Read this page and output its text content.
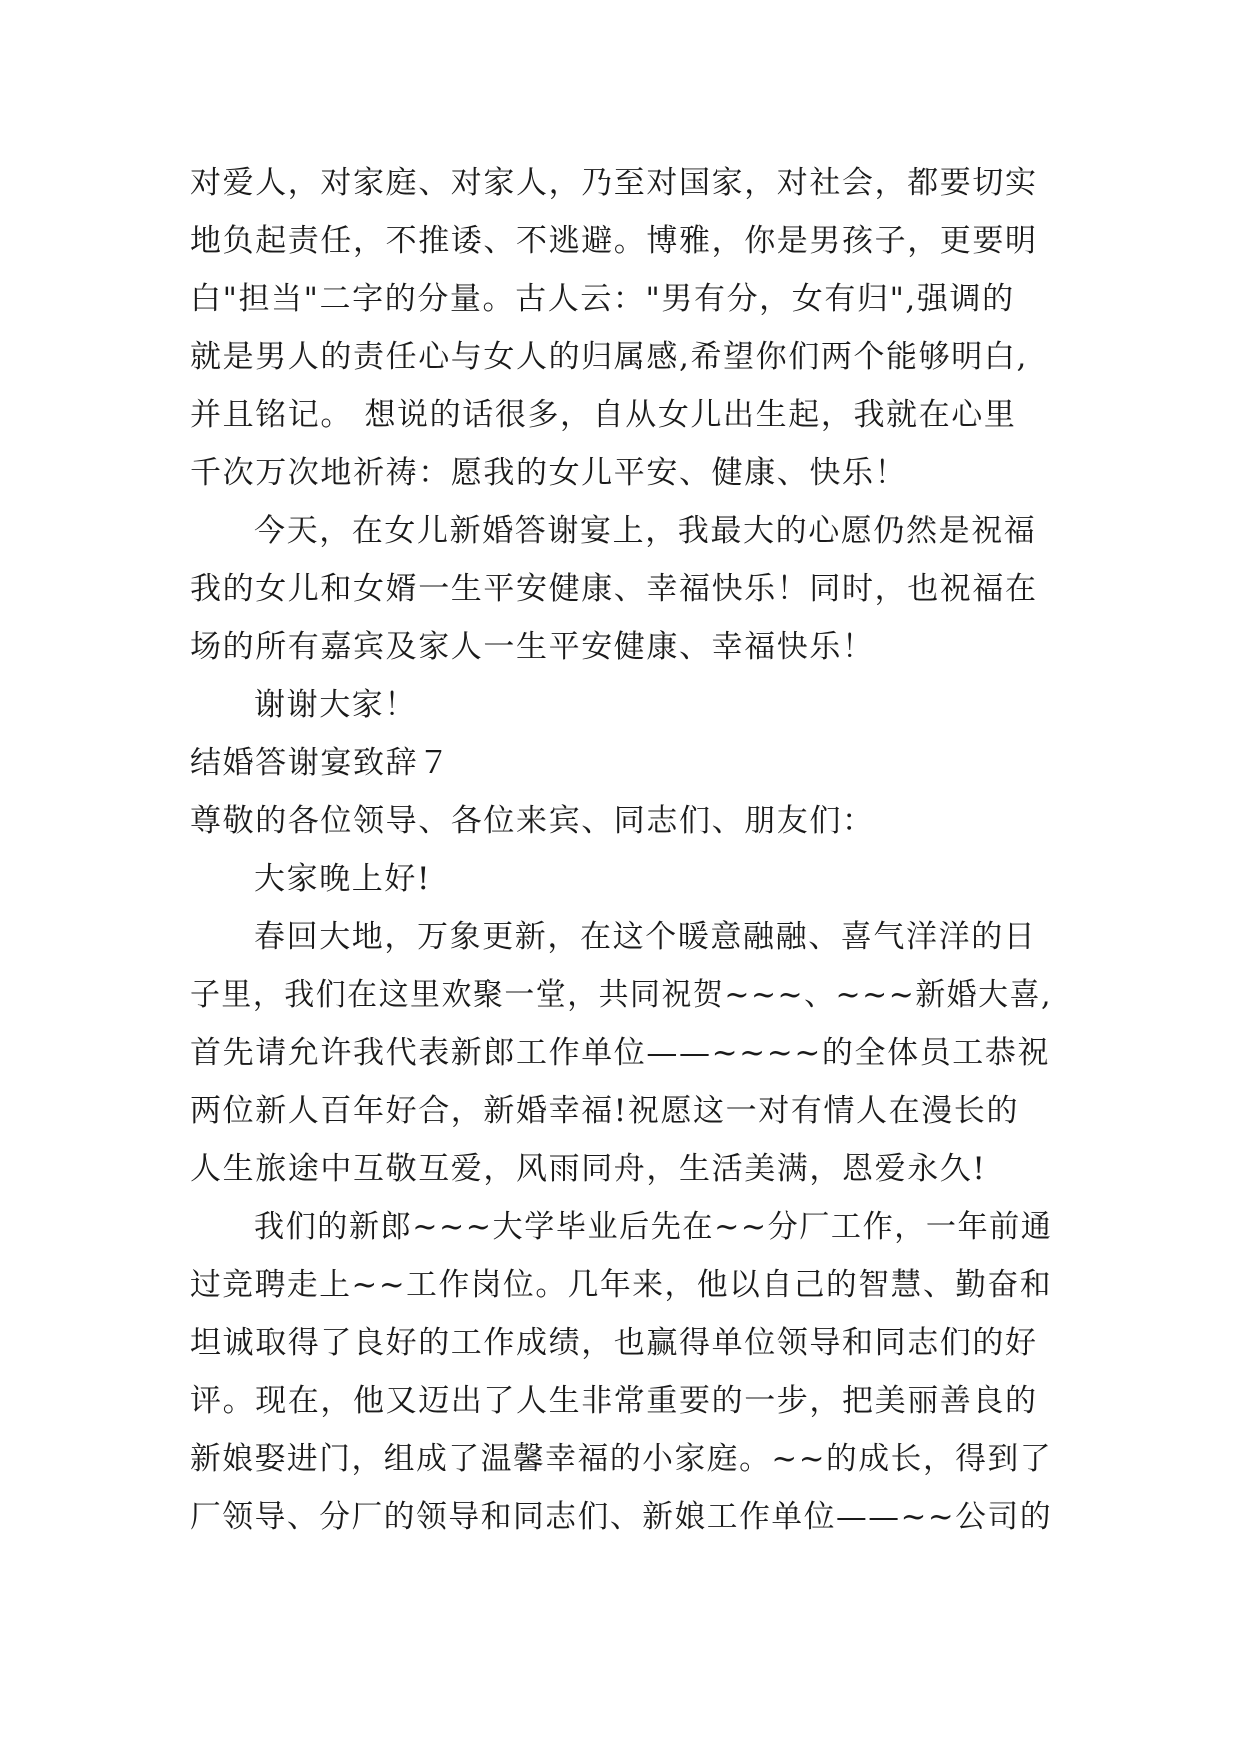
对爱人，对家庭、对家人，乃至对国家，对社会，都要切实
地负起责任，不推诿、不逃避。博雅，你是男孩子，更要明
白"担当"二字的分量。古人云："男有分，女有归",强调的
就是男人的责任心与女人的归属感,希望你们两个能够明白,
并且铭记。 想说的话很多，自从女儿出生起，我就在心里
千次万次地祈祷：愿我的女儿平安、健康、快乐！
今天，在女儿新婚答谢宴上，我最大的心愿仍然是祝福
我的女儿和女婿一生平安健康、幸福快乐！同时，也祝福在
场的所有嘉宾及家人一生平安健康、幸福快乐！
谢谢大家！
结婚答谢宴致辞７
尊敬的各位领导、各位来宾、同志们、朋友们：
大家晚上好!
春回大地，万象更新，在这个暖意融融、喜气洋洋的日
子里，我们在这里欢聚一堂，共同祝贺~~~、~~~新婚大喜,
首先请允许我代表新郎工作单位——~~~~的全体员工恭祝
两位新人百年好合，新婚幸福!祝愿这一对有情人在漫长的
人生旅途中互敬互爱，风雨同舟，生活美满，恩爱永久!
我们的新郎~~~大学毕业后先在~~分厂工作，一年前通
过竞聘走上~~工作岗位。几年来，他以自己的智慧、勤奋和
坦诚取得了良好的工作成绩，也赢得单位领导和同志们的好
评。现在，他又迈出了人生非常重要的一步，把美丽善良的
新娘娶进门，组成了温馨幸福的小家庭。~~的成长，得到了
厂领导、分厂的领导和同志们、新娘工作单位——~~公司的
